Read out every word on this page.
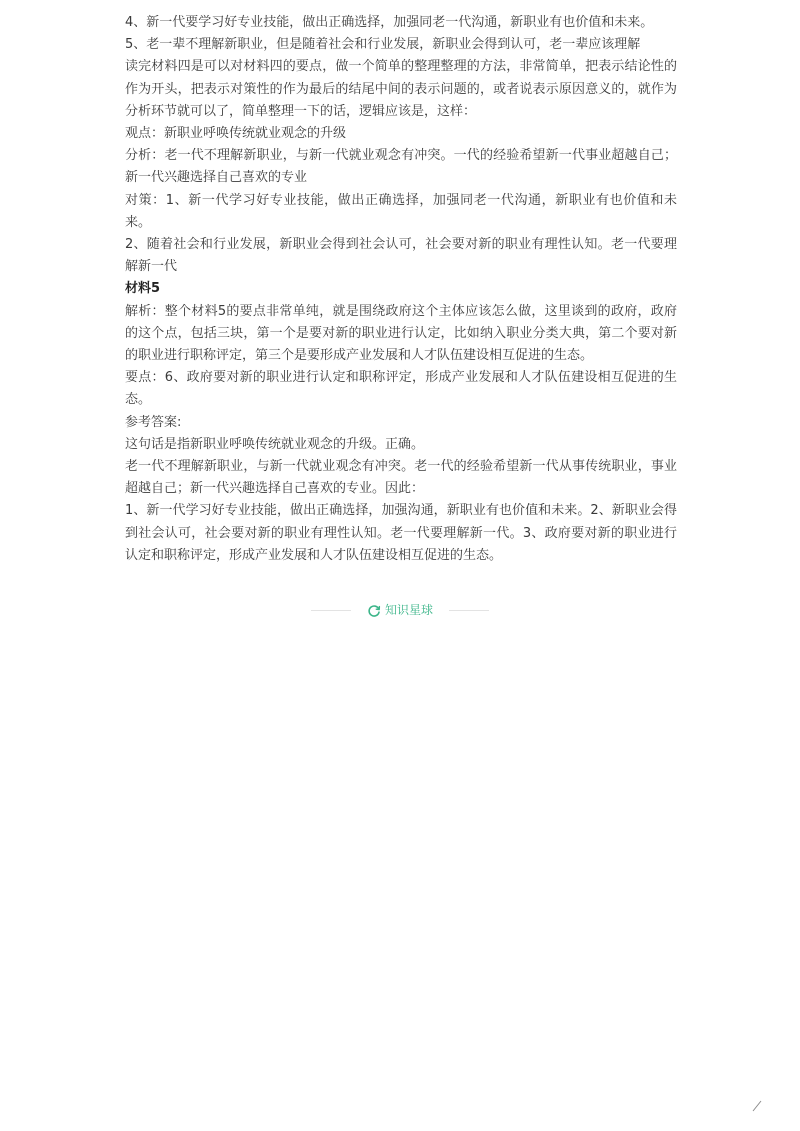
4、新一代要学习好专业技能，做出正确选择，加强同老一代沟通，新职业有也价值和未来。

5、老一辈不理解新职业，但是随着社会和行业发展，新职业会得到认可，老一辈应该理解

读完材料四是可以对材料四的要点，做一个简单的整理整理的方法，非常简单，把表示结论性的作为开头，把表示对策性的作为最后的结尾中间的表示问题的，或者说表示原因意义的，就作为分析环节就可以了，简单整理一下的话，逻辑应该是，这样：

观点：新职业呼唤传统就业观念的升级

分析：老一代不理解新职业，与新一代就业观念有冲突。一代的经验希望新一代事业超越自己；新一代兴趣选择自己喜欢的专业

对策：1、新一代学习好专业技能，做出正确选择，加强同老一代沟通，新职业有也价值和未来。

2、随着社会和行业发展，新职业会得到社会认可，社会要对新的职业有理性认知。老一代要理解新一代

材料5

解析：整个材料5的要点非常单纯，就是围绕政府这个主体应该怎么做，这里谈到的政府，政府的这个点，包括三块，第一个是要对新的职业进行认定，比如纳入职业分类大典，第二个要对新的职业进行职称评定，第三个是要形成产业发展和人才队伍建设相互促进的生态。

要点：6、政府要对新的职业进行认定和职称评定，形成产业发展和人才队伍建设相互促进的生态。

参考答案:

这句话是指新职业呼唤传统就业观念的升级。正确。

老一代不理解新职业，与新一代就业观念有冲突。老一代的经验希望新一代从事传统职业，事业超越自己；新一代兴趣选择自己喜欢的专业。因此：

1、新一代学习好专业技能，做出正确选择，加强沟通，新职业有也价值和未来。2、新职业会得到社会认可，社会要对新的职业有理性认知。老一代要理解新一代。3、政府要对新的职业进行认定和职称评定，形成产业发展和人才队伍建设相互促进的生态。

知识星球
